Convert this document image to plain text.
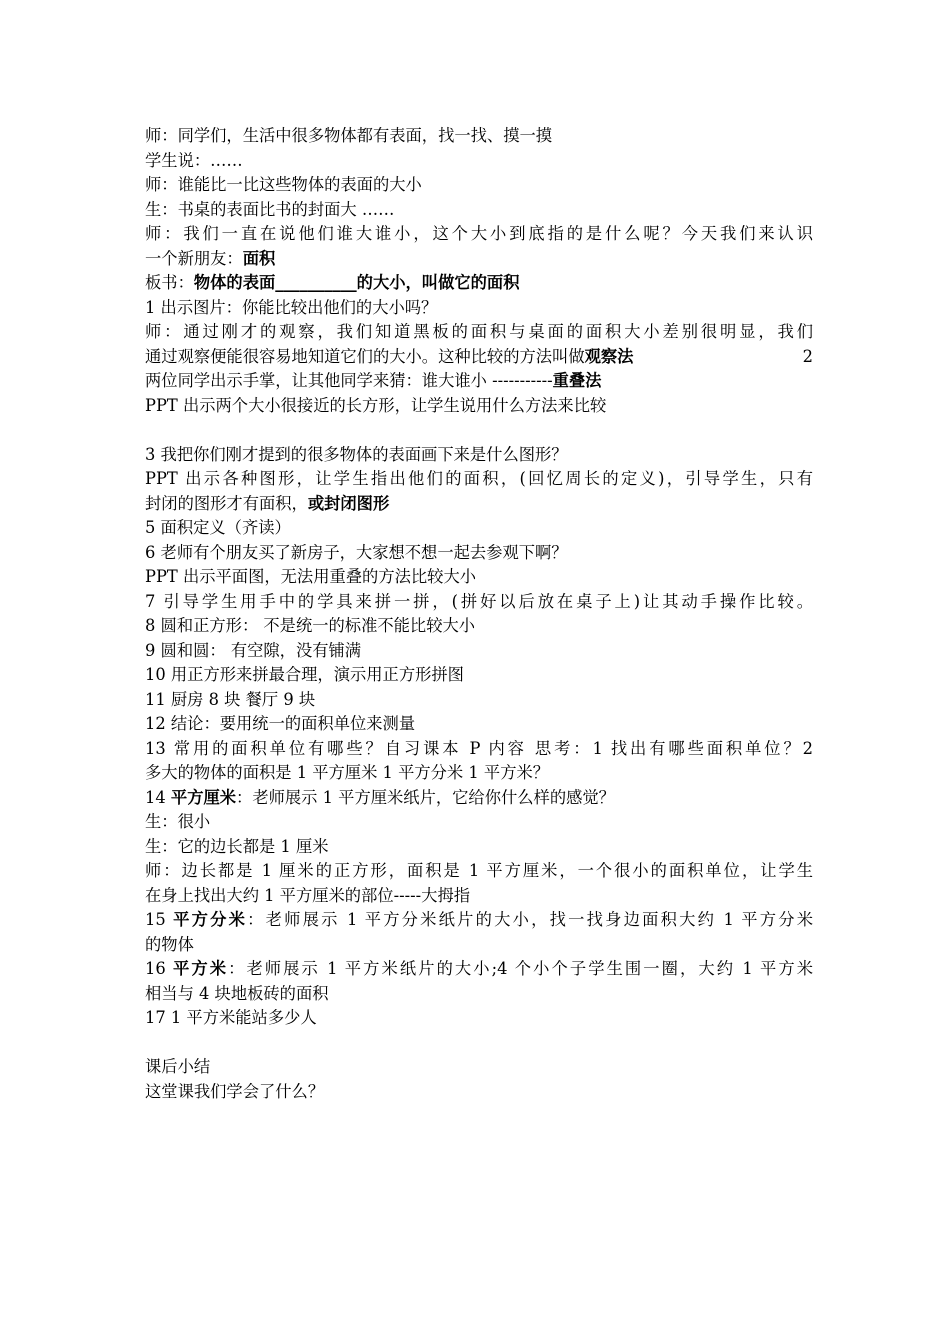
师：同学们，生活中很多物体都有表面，找一找、摸一摸
学生说：……
师：谁能比一比这些物体的表面的大小
生：书桌的表面比书的封面大 ……
师：我们一直在说他们谁大谁小，这个大小到底指的是什么呢？今天我们来认识
一个新朋友：面积
板书：物体的表面__________的大小，叫做它的面积
1 出示图片：你能比较出他们的大小吗？
师：通过刚才的观察，我们知道黑板的面积与桌面的面积大小差别很明显，我们
通过观察便能很容易地知道它们的大小。这种比较的方法叫做观察法	2
两位同学出示手掌，让其他同学来猜：谁大谁小 -----------重叠法
PPT 出示两个大小很接近的长方形，让学生说用什么方法来比较
3 我把你们刚才提到的很多物体的表面画下来是什么图形？
PPT 出示各种图形，让学生指出他们的面积，(回忆周长的定义)，引导学生，只有
封闭的图形才有面积，或封闭图形
5 面积定义（齐读）
6 老师有个朋友买了新房子，大家想不想一起去参观下啊？
PPT 出示平面图，无法用重叠的方法比较大小
7 引导学生用手中的学具来拼一拼，(拼好以后放在桌子上)让其动手操作比较。
8 圆和正方形： 不是统一的标准不能比较大小
9 圆和圆： 有空隙，没有铺满
10 用正方形来拼最合理，演示用正方形拼图
11 厨房 8 块 餐厅 9 块
12 结论：要用统一的面积单位来测量
13 常用的面积单位有哪些？自习课本 P 内容 思考：1 找出有哪些面积单位？2
多大的物体的面积是 1 平方厘米 1 平方分米 1 平方米？
14 平方厘米：老师展示 1 平方厘米纸片，它给你什么样的感觉？
生：很小
生：它的边长都是 1 厘米
师：边长都是 1 厘米的正方形，面积是 1 平方厘米，一个很小的面积单位，让学生
在身上找出大约 1 平方厘米的部位-----大拇指
15 平方分米：老师展示 1 平方分米纸片的大小，找一找身边面积大约 1 平方分米
的物体
16 平方米：老师展示 1 平方米纸片的大小;4 个小个子学生围一圈，大约 1 平方米
相当与 4 块地板砖的面积
17 1 平方米能站多少人
课后小结
这堂课我们学会了什么？
